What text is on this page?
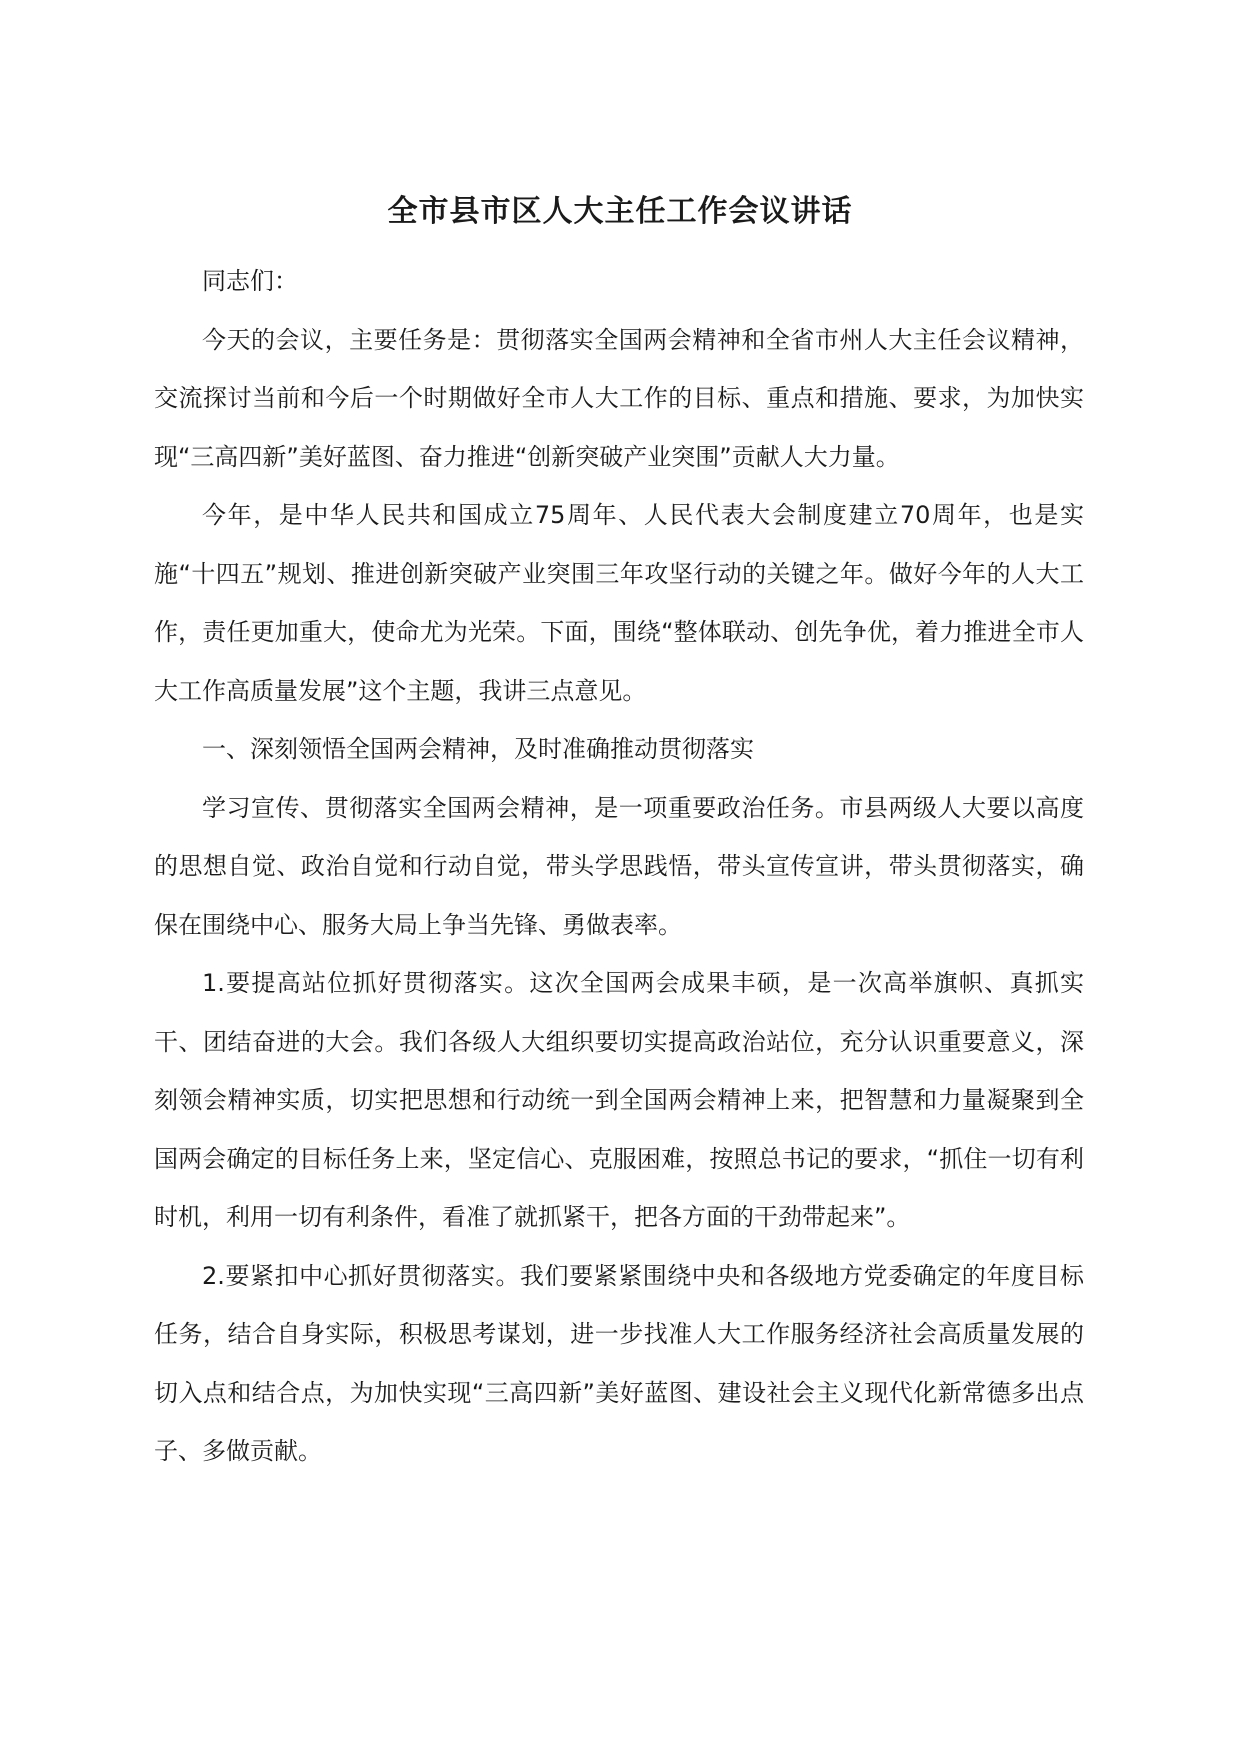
全市县市区人大主任工作会议讲话

同志们：

今天的会议，主要任务是：贯彻落实全国两会精神和全省市州人大主任会议精神，交流探讨当前和今后一个时期做好全市人大工作的目标、重点和措施、要求，为加快实现“三高四新”美好蓝图、奋力推进“创新突破产业突围”贡献人大力量。

今年，是中华人民共和国成立75周年、人民代表大会制度建立70周年，也是实施“十四五”规划、推进创新突破产业突围三年攻坚行动的关键之年。做好今年的人大工作，责任更加重大，使命尤为光荣。下面，围绕“整体联动、创先争优，着力推进全市人大工作高质量发展”这个主题，我讲三点意见。

一、深刻领悟全国两会精神，及时准确推动贯彻落实

学习宣传、贯彻落实全国两会精神，是一项重要政治任务。市县两级人大要以高度的思想自觉、政治自觉和行动自觉，带头学思践悟，带头宣传宣讲，带头贯彻落实，确保在围绕中心、服务大局上争当先锋、勇做表率。

1.要提高站位抓好贯彻落实。这次全国两会成果丰硕，是一次高举旗帜、真抓实干、团结奋进的大会。我们各级人大组织要切实提高政治站位，充分认识重要意义，深刻领会精神实质，切实把思想和行动统一到全国两会精神上来，把智慧和力量凝聚到全国两会确定的目标任务上来，坚定信心、克服困难，按照总书记的要求，“抓住一切有利时机，利用一切有利条件，看准了就抓紧干，把各方面的干劲带起来”。

2.要紧扣中心抓好贯彻落实。我们要紧紧围绕中央和各级地方党委确定的年度目标任务，结合自身实际，积极思考谋划，进一步找准人大工作服务经济社会高质量发展的切入点和结合点，为加快实现“三高四新”美好蓝图、建设社会主义现代化新常德多出点子、多做贡献。
